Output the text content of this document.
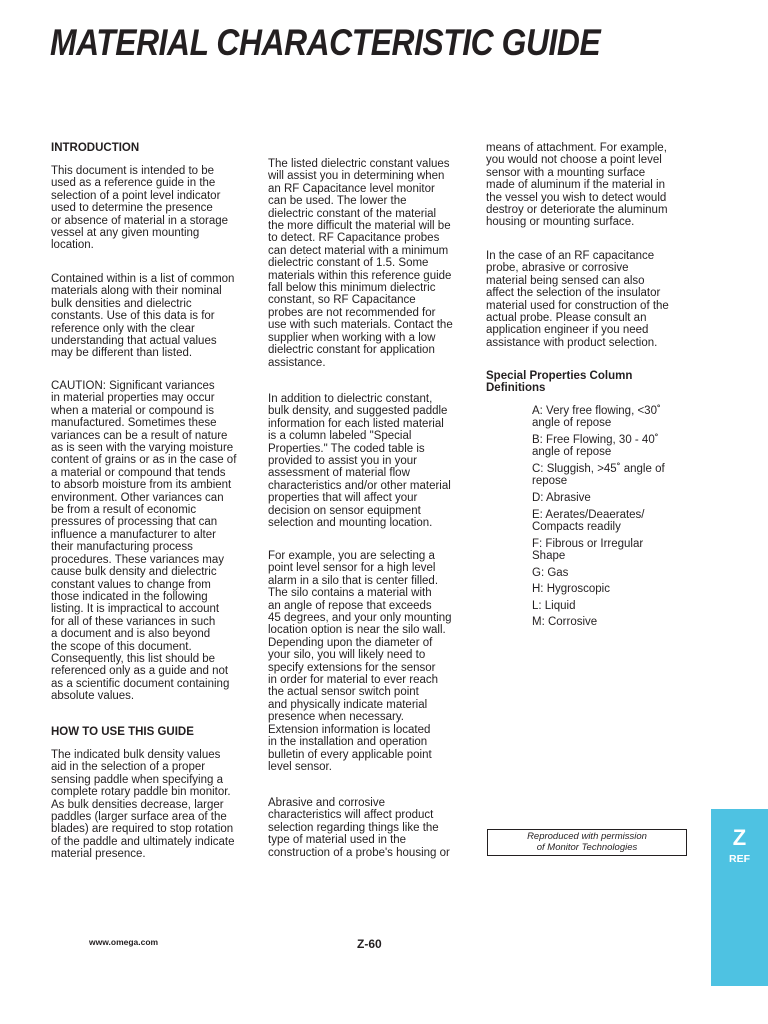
MATERIAL CHARACTERISTIC GUIDE
INTRODUCTION

This document is intended to be
used as a reference guide in the
selection of a point level indicator
used to determine the presence
or absence of material in a storage
vessel at any given mounting
location.

Contained within is a list of common
materials along with their nominal
bulk densities and dielectric
constants. Use of this data is for
reference only with the clear
understanding that actual values
may be different than listed.

CAUTION: Significant variances
in material properties may occur
when a material or compound is
manufactured. Sometimes these
variances can be a result of nature
as is seen with the varying moisture
content of grains or as in the case of
a material or compound that tends
to absorb moisture from its ambient
environment. Other variances can
be from a result of economic
pressures of processing that can
influence a manufacturer to alter
their manufacturing process
procedures. These variances may
cause bulk density and dielectric
constant values to change from
those indicated in the following
listing. It is impractical to account
for all of these variances in such
a document and is also beyond
the scope of this document.
Consequently, this list should be
referenced only as a guide and not
as a scientific document containing
absolute values.

HOW TO USE THIS GUIDE

The indicated bulk density values
aid in the selection of a proper
sensing paddle when specifying a
complete rotary paddle bin monitor.
As bulk densities decrease, larger
paddles (larger surface area of the
blades) are required to stop rotation
of the paddle and ultimately indicate
material presence.

The listed dielectric constant values
will assist you in determining when
an RF Capacitance level monitor
can be used. The lower the
dielectric constant of the material
the more difficult the material will be
to detect. RF Capacitance probes
can detect material with a minimum
dielectric constant of 1.5. Some
materials within this reference guide
fall below this minimum dielectric
constant, so RF Capacitance
probes are not recommended for
use with such materials. Contact the
supplier when working with a low
dielectric constant for application
assistance.

In addition to dielectric constant,
bulk density, and suggested paddle
information for each listed material
is a column labeled "Special
Properties." The coded table is
provided to assist you in your
assessment of material flow
characteristics and/or other material
properties that will affect your
decision on sensor equipment
selection and mounting location.

For example, you are selecting a
point level sensor for a high level
alarm in a silo that is center filled.
The silo contains a material with
an angle of repose that exceeds
45 degrees, and your only mounting
location option is near the silo wall.
Depending upon the diameter of
your silo, you will likely need to
specify extensions for the sensor
in order for material to ever reach
the actual sensor switch point
and physically indicate material
presence when necessary.
Extension information is located
in the installation and operation
bulletin of every applicable point
level sensor.

Abrasive and corrosive
characteristics will affect product
selection regarding things like the
type of material used in the
construction of a probe's housing or

means of attachment. For example,
you would not choose a point level
sensor with a mounting surface
made of aluminum if the material in
the vessel you wish to detect would
destroy or deteriorate the aluminum
housing or mounting surface.

In the case of an RF capacitance
probe, abrasive or corrosive
material being sensed can also
affect the selection of the insulator
material used for construction of the
actual probe. Please consult an
application engineer if you need
assistance with product selection.

Special Properties Column
Definitions
A: Very free flowing, <30˚
angle of repose
B: Free Flowing, 30 - 40˚
angle of repose
C: Sluggish, >45˚ angle of
repose
D: Abrasive
E: Aerates/Deaerates/
Compacts readily
F: Fibrous or Irregular
Shape
G: Gas
H: Hygroscopic
L: Liquid
M: Corrosive
Reproduced with permission
of Monitor Technologies	Z
REF
www.omega.com	Z-60
